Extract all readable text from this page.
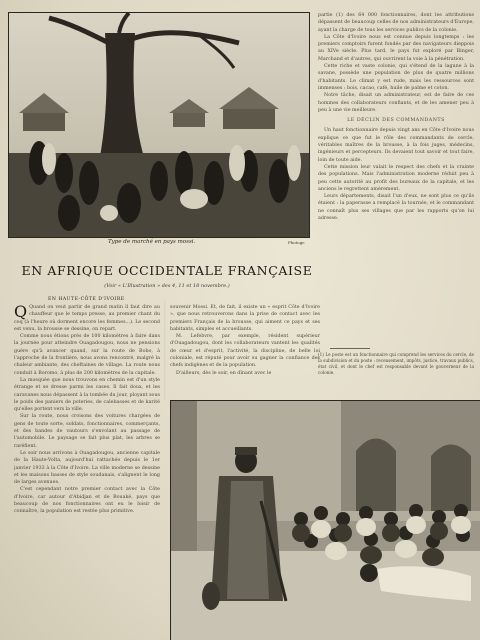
Type de marché en pays mossi.	Photogr.
EN AFRIQUE OCCIDENTALE FRANÇAISE
(Voir « L'Illustration » des 4, 11 et 18 novembre.)
EN HAUTE-CÔTE D'IVOIRE

Q Quand on veut partir de grand matin il faut dire au chauffeur que le temps presse, au premier chant du coq (à l'heure où dorment encore les femmes...). Le second est venu, la brousse se dessine, on repart.

Comme nous étions près de 100 kilomètres à faire dans la journée pour atteindre Ouagadougou, nous ne pensions guère qu'à avancer quand, sur la route de Bobo, à l'approche de la frontière, nous avons rencontré, malgré la chaleur ambiante, des cheftaines de village. La route nous conduit à Boromo, à plus de 200 kilomètres de la capitale.

La mosquée que nous trouvons en chemin est d'un style étrange et se dresse parmi les cases. Il fait doux, et les caravanes nous dépassent à la tombée du jour, ployant sous le poids des paniers de poteries, de calebasses et de karité qu'elles portent vers la ville.

Sur la route, nous croisons des voitures chargées de gens de toute sorte, soldats, fonctionnaires, commerçants, et des bandes de vautours s'envolant au passage de l'automobile. Le paysage se fait plus plat, les arbres se raréfient.

Le soir nous arrivons à Ouagadougou, ancienne capitale de la Haute-Volta, aujourd'hui rattachée depuis le 1er janvier 1933 à la Côte d'Ivoire. La ville moderne se dessine et les maisons basses de style soudanais, s'alignent le long de larges avenues.

C'est cependant notre premier contact avec la Côte d'Ivoire, car autour d'Abidjan et de Bouaké, pays que beaucoup de nos fonctionnaires ont eu le loisir de connaître, la population est restée plus primitive.

souvenir Mossi. Et, de fait, il existe un « esprit Côte d'Ivoire », que nous retrouverons dans la prise de contact avec les premiers Français de la brousse, qui aiment ce pays et ses habitants, simples et accueillants.

M. Lefebvre, par exemple, résident supérieur d'Ouagadougou, dont les collaborateurs vantent les qualités de cœur et d'esprit, l'activité, la discipline, de belle loi coloniale, est réputé pour avoir su gagner la confiance des chefs indigènes et de la population.

D'ailleurs, dès le soir, en dînant avec le

partie (1) des 64 000 fonctionnaires, dont les attributions dépassent de beaucoup celles de nos administrateurs d'Europe, ayant la charge de tous les services publics de la colonie.

La Côte d'Ivoire nous est connue depuis longtemps : les premiers comptoirs furent fondés par des navigateurs dieppois au XIVe siècle. Plus tard, le pays fut exploré par Binger, Marchand et d'autres, qui ouvrirent la voie à la pénétration.

Cette riche et vaste colonie, qui s'étend de la lagune à la savane, possède une population de plus de quatre millions d'habitants. Le climat y est rude, mais les ressources sont immenses : bois, cacao, café, huile de palme et coton.

Notre tâche, disait un administrateur, est de faire de ces hommes des collaborateurs confiants, et de les amener peu à peu à une vie meilleure.

LE DÉCLIN DES COMMANDANTS

Un haut fonctionnaire depuis vingt ans en Côte d'Ivoire nous explique ce que fut le rôle des commandants de cercle, véritables maîtres de la brousse, à la fois juges, médecins, ingénieurs et percepteurs. Ils devaient tout savoir et tout faire, loin de toute aide.

Cette mission leur valait le respect des chefs et la crainte des populations. Mais l'administration moderne réduit peu à peu cette autorité au profit des bureaux de la capitale, et les anciens le regrettent amèrement.

Leurs départements, disait l'un d'eux, ne sont plus ce qu'ils étaient : la paperasse a remplacé la tournée, et le commandant ne connaît plus ses villages que par les rapports qu'on lui adresse.

(1) Le poste est un fonctionnaire qui comprend les services du cercle, de la subdivision et du poste : recensement, impôts, justice, travaux publics, état civil, et dont le chef est responsable devant le gouverneur de la colonie.
